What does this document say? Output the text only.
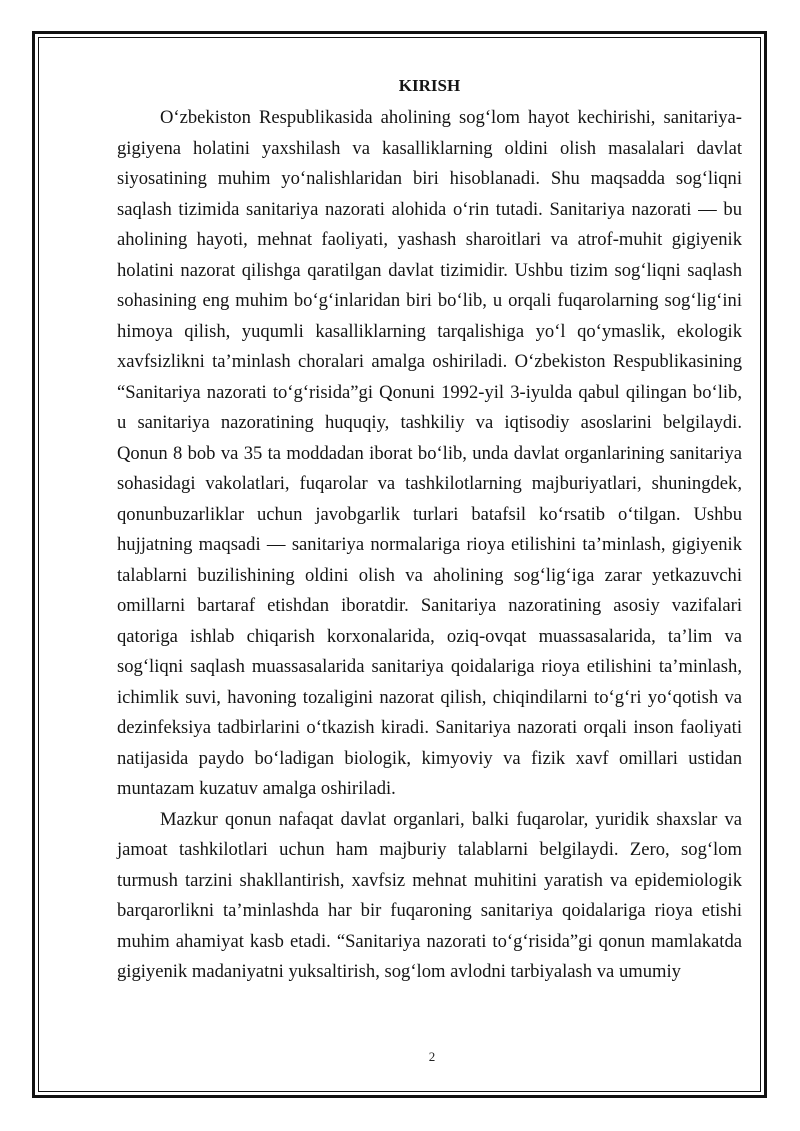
KIRISH

O‘zbekiston Respublikasida aholining sog‘lom hayot kechirishi, sanitariya-gigiyena holatini yaxshilash va kasalliklarning oldini olish masalalari davlat siyosatining muhim yo‘nalishlaridan biri hisoblanadi. Shu maqsadda sog‘liqni saqlash tizimida sanitariya nazorati alohida o‘rin tutadi. Sanitariya nazorati — bu aholining hayoti, mehnat faoliyati, yashash sharoitlari va atrof-muhit gigiyenik holatini nazorat qilishga qaratilgan davlat tizimidir. Ushbu tizim sog‘liqni saqlash sohasining eng muhim bo‘g‘inlaridan biri bo‘lib, u orqali fuqarolarning sog‘lig‘ini himoya qilish, yuqumli kasalliklarning tarqalishiga yo‘l qo‘ymaslik, ekologik xavfsizlikni ta’minlash choralari amalga oshiriladi. O‘zbekiston Respublikasining “Sanitariya nazorati to‘g‘risida”gi Qonuni 1992-yil 3-iyulda qabul qilingan bo‘lib, u sanitariya nazoratining huquqiy, tashkiliy va iqtisodiy asoslarini belgilaydi. Qonun 8 bob va 35 ta moddadan iborat bo‘lib, unda davlat organlarining sanitariya sohasidagi vakolatlari, fuqarolar va tashkilotlarning majburiyatlari, shuningdek, qonunbuzarliklar uchun javobgarlik turlari batafsil ko‘rsatib o‘tilgan. Ushbu hujjatning maqsadi — sanitariya normalariga rioya etilishini ta’minlash, gigiyenik talablarni buzilishining oldini olish va aholining sog‘lig‘iga zarar yetkazuvchi omillarni bartaraf etishdan iboratdir. Sanitariya nazoratining asosiy vazifalari qatoriga ishlab chiqarish korxonalarida, oziq-ovqat muassasalarida, ta’lim va sog‘liqni saqlash muassasalarida sanitariya qoidalariga rioya etilishini ta’minlash, ichimlik suvi, havoning tozaligini nazorat qilish, chiqindilarni to‘g‘ri yo‘qotish va dezinfeksiya tadbirlarini o‘tkazish kiradi. Sanitariya nazorati orqali inson faoliyati natijasida paydo bo‘ladigan biologik, kimyoviy va fizik xavf omillari ustidan muntazam kuzatuv amalga oshiriladi.

Mazkur qonun nafaqat davlat organlari, balki fuqarolar, yuridik shaxslar va jamoat tashkilotlari uchun ham majburiy talablarni belgilaydi. Zero, sog‘lom turmush tarzini shakllantirish, xavfsiz mehnat muhitini yaratish va epidemiologik barqarorlikni ta’minlashda har bir fuqaroning sanitariya qoidalariga rioya etishi muhim ahamiyat kasb etadi. “Sanitariya nazorati to‘g‘risida”gi qonun mamlakatda gigiyenik madaniyatni yuksaltirish, sog‘lom avlodni tarbiyalash va umumiy

2
